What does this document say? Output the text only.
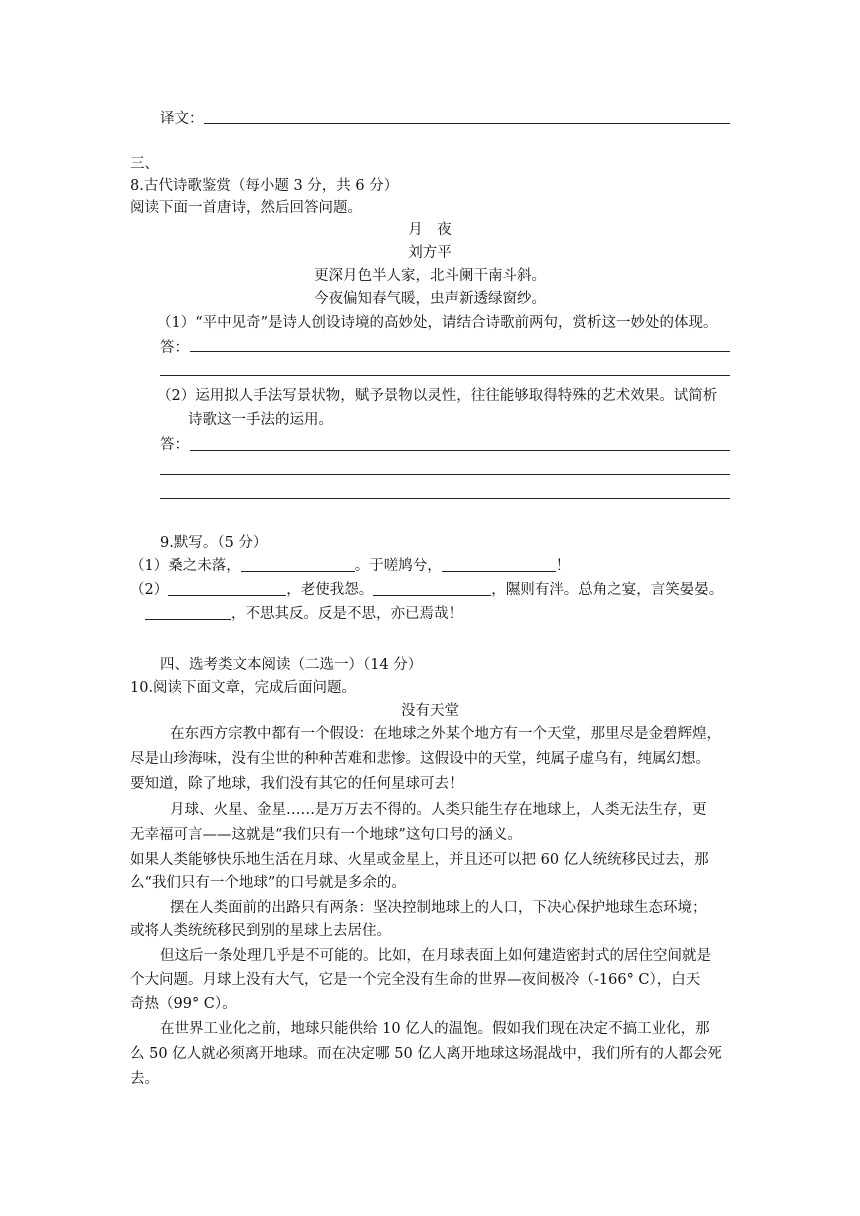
译文：
三、
8.古代诗歌鉴赏（每小题 3 分，共 6 分）
阅读下面一首唐诗，然后回答问题。
月　夜
刘方平
更深月色半人家，北斗阑干南斗斜。
今夜偏知春气暖，虫声新透绿窗纱。
（1）“平中见奇”是诗人创设诗境的高妙处，请结合诗歌前两句，赏析这一妙处的体现。
答：
（2）运用拟人手法写景状物，赋予景物以灵性，往往能够取得特殊的艺术效果。试简析
诗歌这一手法的运用。
答：
9.默写。（5 分）
（1）桑之未落，	。于嗟鸠兮，	！
（2）	，老使我怨。	，隰则有泮。总角之宴，言笑晏晏。
，不思其反。反是不思，亦已焉哉！
四、选考类文本阅读（二选一）（14 分）
10.阅读下面文章，完成后面问题。
没有天堂
在东西方宗教中都有一个假设：在地球之外某个地方有一个天堂，那里尽是金碧辉煌，
尽是山珍海味，没有尘世的种种苦难和悲惨。这假设中的天堂，纯属子虚乌有，纯属幻想。
要知道，除了地球，我们没有其它的任何星球可去！
月球、火星、金星……是万万去不得的。人类只能生存在地球上，人类无法生存，更
无幸福可言——这就是“我们只有一个地球”这句口号的涵义。
如果人类能够快乐地生活在月球、火星或金星上，并且还可以把 60 亿人统统移民过去，那
么“我们只有一个地球”的口号就是多余的。
摆在人类面前的出路只有两条：坚决控制地球上的人口，下决心保护地球生态环境；
或将人类统统移民到别的星球上去居住。
但这后一条处理几乎是不可能的。比如，在月球表面上如何建造密封式的居住空间就是
个大问题。月球上没有大气，它是一个完全没有生命的世界—夜间极冷（-166° C），白天
奇热（99° C）。
在世界工业化之前，地球只能供给 10 亿人的温饱。假如我们现在决定不搞工业化，那
么 50 亿人就必须离开地球。而在决定哪 50 亿人离开地球这场混战中，我们所有的人都会死
去。
